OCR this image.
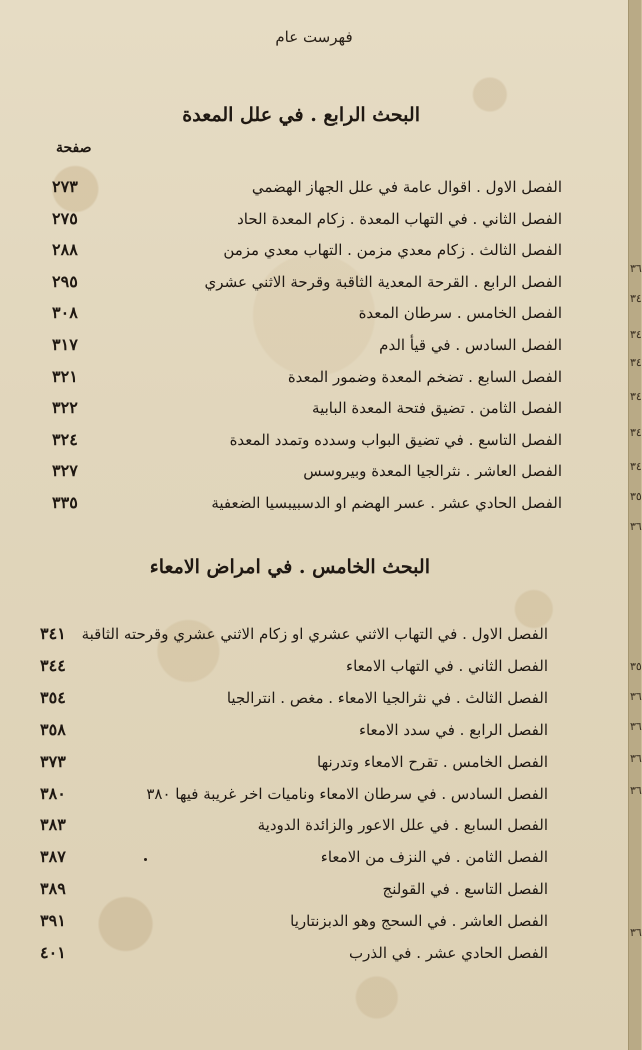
فهرست عام
البحث الرابع . في علل المعدة
صفحة
الفصل الاول . اقوال عامة في علل الجهاز الهضمي
٢٧٣
الفصل الثاني . في التهاب المعدة . زكام المعدة الحاد
٢٧٥
الفصل الثالث . زكام معدي مزمن . التهاب معدي مزمن
٢٨٨
الفصل الرابع . القرحة المعدية الثاقبة وقرحة الاثني عشري
٢٩٥
الفصل الخامس . سرطان المعدة
٣٠٨
الفصل السادس . في قيأ الدم
٣١٧
الفصل السابع . تضخم المعدة وضمور المعدة
٣٢١
الفصل الثامن . تضيق فتحة المعدة البابية
٣٢٢
الفصل التاسع . في تضيق البواب وسدده وتمدد المعدة
٣٢٤
الفصل العاشر . نثرالجيا المعدة وبيروسس
٣٢٧
الفصل الحادي عشر . عسر الهضم او الدسبيبسيا الضعفية
٣٣٥
البحث الخامس . في امراض الامعاء
الفصل الاول . في التهاب الاثني عشري او زكام الاثني عشري وقرحته الثاقبة
٣٤١
الفصل الثاني . في التهاب الامعاء
٣٤٤
الفصل الثالث . في نثرالجيا الامعاء . مغص . انترالجيا
٣٥٤
الفصل الرابع . في سدد الامعاء
٣٥٨
الفصل الخامس . تقرح الامعاء وتدرنها
٣٧٣
الفصل السادس . في سرطان الامعاء ونامیات اخر غريبة فيها ٣٨٠
٣٨٠
الفصل السابع . في علل الاعور والزائدة الدودية
٣٨٣
الفصل الثامن . في النزف من الامعاء
٣٨٧
الفصل التاسع . في القولنج
٣٨٩
الفصل العاشر . في السحج وهو الدبزنتاريا
٣٩١
الفصل الحادي عشر . في الذرب
٤٠١
٣٦
٣٤
٣٤
٣٤
٣٤
٣٤
٣٤
٣٥
٣٦
٣٥
٣٦
٣٦
٣٦
٣٦
٣٦
